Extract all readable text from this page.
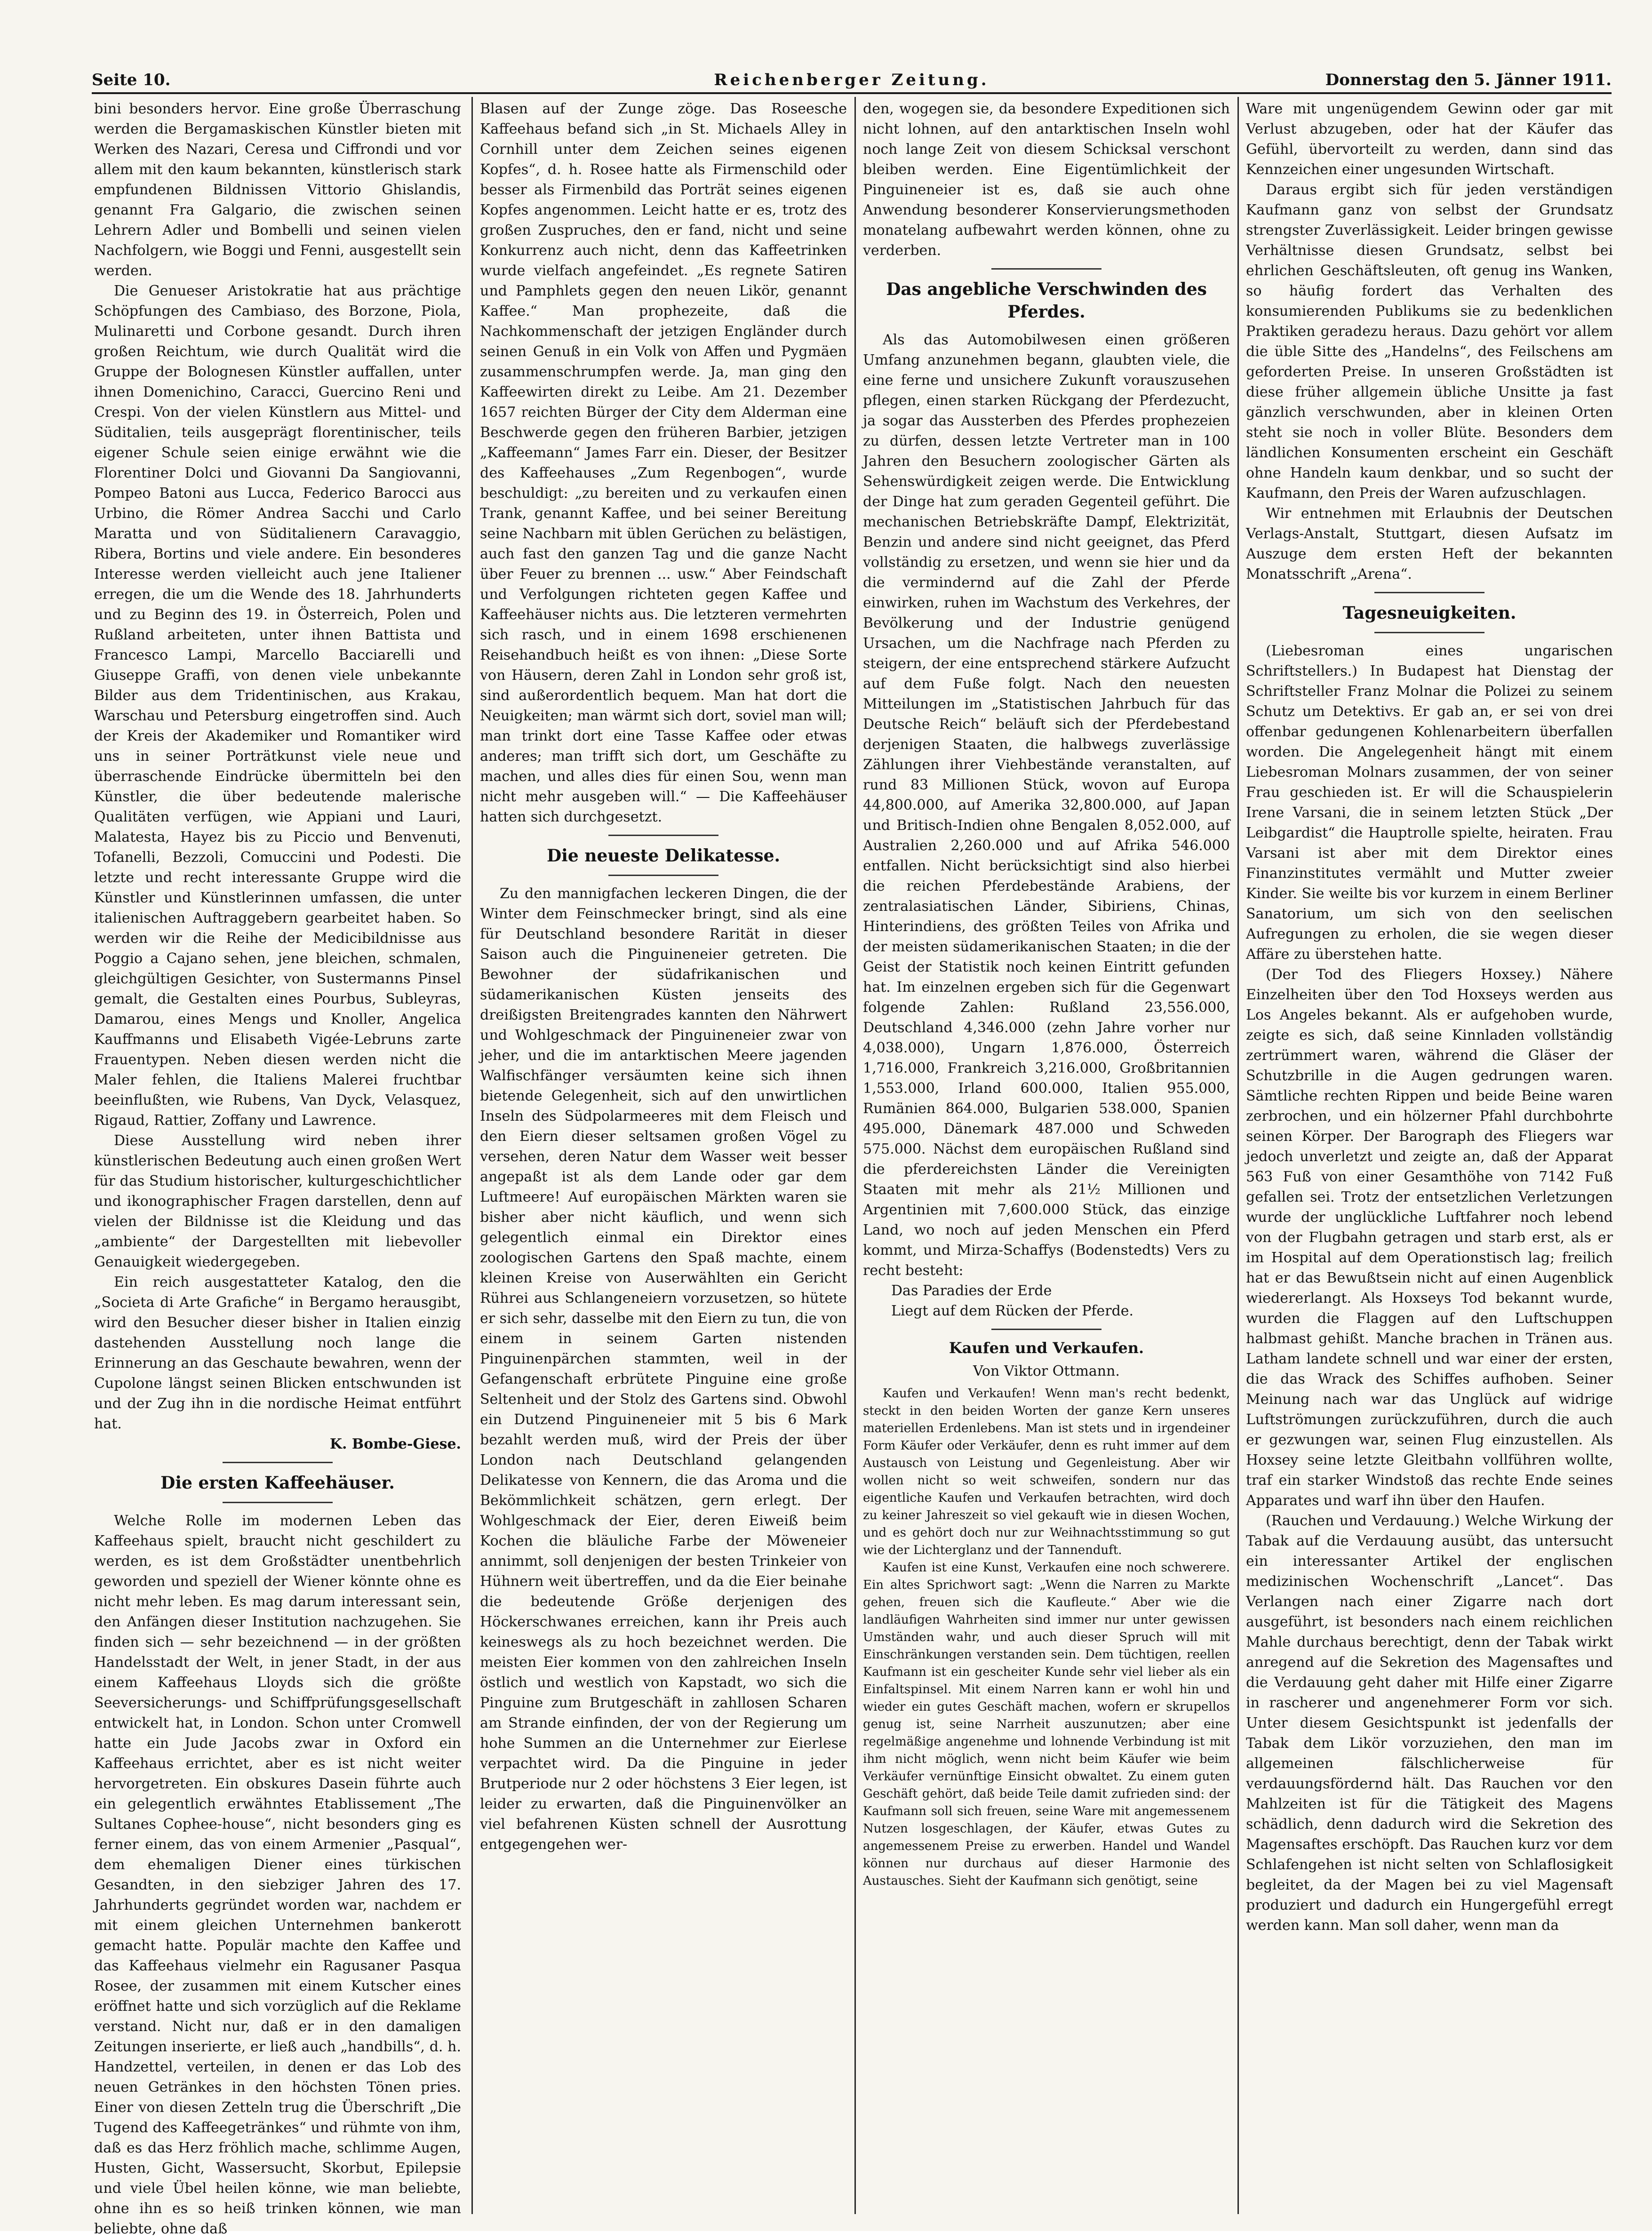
Seite 10.	Reichenberger Zeitung.	Donnerstag den 5. Jänner 1911.

bini besonders hervor. Eine große Überraschung werden die Bergamaskischen Künstler bieten mit Werken des Nazari, Ceresa und Ciffrondi und vor allem mit den kaum bekannten, künstlerisch stark empfundenen Bildnissen Vittorio Ghislandis, genannt Fra Galgario, die zwischen seinen Lehrern Adler und Bombelli und seinen vielen Nachfolgern, wie Boggi und Fenni, ausgestellt sein werden.

Die Genueser Aristokratie hat aus prächtige Schöpfungen des Cambiaso, des Borzone, Piola, Mulinaretti und Corbone gesandt. Durch ihren großen Reichtum, wie durch Qualität wird die Gruppe der Bolognesen Künstler auffallen, unter ihnen Domenichino, Caracci, Guercino Reni und Crespi. Von der vielen Künstlern aus Mittel- und Süditalien, teils ausgeprägt florentinischer, teils eigener Schule seien einige erwähnt wie die Florentiner Dolci und Giovanni Da Sangiovanni, Pompeo Batoni aus Lucca, Federico Barocci aus Urbino, die Römer Andrea Sacchi und Carlo Maratta und von Süditalienern Caravaggio, Ribera, Bortins und viele andere. Ein besonderes Interesse werden vielleicht auch jene Italiener erregen, die um die Wende des 18. Jahrhunderts und zu Beginn des 19. in Österreich, Polen und Rußland arbeiteten, unter ihnen Battista und Francesco Lampi, Marcello Bacciarelli und Giuseppe Graffi, von denen viele unbekannte Bilder aus dem Tridentinischen, aus Krakau, Warschau und Petersburg eingetroffen sind. Auch der Kreis der Akademiker und Romantiker wird uns in seiner Porträtkunst viele neue und überraschende Eindrücke übermitteln bei den Künstler, die über bedeutende malerische Qualitäten verfügen, wie Appiani und Lauri, Malatesta, Hayez bis zu Piccio und Benvenuti, Tofanelli, Bezzoli, Comuccini und Podesti. Die letzte und recht interessante Gruppe wird die Künstler und Künstlerinnen umfassen, die unter italienischen Auftraggebern gearbeitet haben. So werden wir die Reihe der Medicibildnisse aus Poggio a Cajano sehen, jene bleichen, schmalen, gleichgültigen Gesichter, von Sustermanns Pinsel gemalt, die Gestalten eines Pourbus, Subleyras, Damarou, eines Mengs und Knoller, Angelica Kauffmanns und Elisabeth Vigée-Lebruns zarte Frauentypen. Neben diesen werden nicht die Maler fehlen, die Italiens Malerei fruchtbar beeinflußten, wie Rubens, Van Dyck, Velasquez, Rigaud, Rattier, Zoffany und Lawrence.

Diese Ausstellung wird neben ihrer künstlerischen Bedeutung auch einen großen Wert für das Studium historischer, kulturgeschichtlicher und ikonographischer Fragen darstellen, denn auf vielen der Bildnisse ist die Kleidung und das „ambiente“ der Dargestellten mit liebevoller Genauigkeit wiedergegeben.

Ein reich ausgestatteter Katalog, den die „Societa di Arte Grafiche“ in Bergamo herausgibt, wird den Besucher dieser bisher in Italien einzig dastehenden Ausstellung noch lange die Erinnerung an das Geschaute bewahren, wenn der Cupolone längst seinen Blicken entschwunden ist und der Zug ihn in die nordische Heimat entführt hat.

K. Bombe-Giese.

Die ersten Kaffeehäuser.

Welche Rolle im modernen Leben das Kaffeehaus spielt, braucht nicht geschildert zu werden, es ist dem Großstädter unentbehrlich geworden und speziell der Wiener könnte ohne es nicht mehr leben. Es mag darum interessant sein, den Anfängen dieser Institution nachzugehen. Sie finden sich — sehr bezeichnend — in der größten Handelsstadt der Welt, in jener Stadt, in der aus einem Kaffeehaus Lloyds sich die größte Seeversicherungs- und Schiffprüfungsgesellschaft entwickelt hat, in London. Schon unter Cromwell hatte ein Jude Jacobs zwar in Oxford ein Kaffeehaus errichtet, aber es ist nicht weiter hervorgetreten. Ein obskures Dasein führte auch ein gelegentlich erwähntes Etablissement „The Sultanes Cophee-house“, nicht besonders ging es ferner einem, das von einem Armenier „Pasqual“, dem ehemaligen Diener eines türkischen Gesandten, in den siebziger Jahren des 17. Jahrhunderts gegründet worden war, nachdem er mit einem gleichen Unternehmen bankerott gemacht hatte. Populär machte den Kaffee und das Kaffeehaus vielmehr ein Ragusaner Pasqua Rosee, der zusammen mit einem Kutscher eines eröffnet hatte und sich vorzüglich auf die Reklame verstand. Nicht nur, daß er in den damaligen Zeitungen inserierte, er ließ auch „handbills“, d. h. Handzettel, verteilen, in denen er das Lob des neuen Getränkes in den höchsten Tönen pries. Einer von diesen Zetteln trug die Überschrift „Die Tugend des Kaffeegetränkes“ und rühmte von ihm, daß es das Herz fröhlich mache, schlimme Augen, Husten, Gicht, Wassersucht, Skorbut, Epilepsie und viele Übel heilen könne, wie man beliebte, ohne ihn es so heiß trinken können, wie man beliebte, ohne daß

Blasen auf der Zunge zöge. Das Roseesche Kaffeehaus befand sich „in St. Michaels Alley in Cornhill unter dem Zeichen seines eigenen Kopfes“, d. h. Rosee hatte als Firmenschild oder besser als Firmenbild das Porträt seines eigenen Kopfes angenommen. Leicht hatte er es, trotz des großen Zuspruches, den er fand, nicht und seine Konkurrenz auch nicht, denn das Kaffeetrinken wurde vielfach angefeindet. „Es regnete Satiren und Pamphlets gegen den neuen Likör, genannt Kaffee.“ Man prophezeite, daß die Nachkommenschaft der jetzigen Engländer durch seinen Genuß in ein Volk von Affen und Pygmäen zusammenschrumpfen werde. Ja, man ging den Kaffeewirten direkt zu Leibe. Am 21. Dezember 1657 reichten Bürger der City dem Alderman eine Beschwerde gegen den früheren Barbier, jetzigen „Kaffeemann“ James Farr ein. Dieser, der Besitzer des Kaffeehauses „Zum Regenbogen“, wurde beschuldigt: „zu bereiten und zu verkaufen einen Trank, genannt Kaffee, und bei seiner Bereitung seine Nachbarn mit üblen Gerüchen zu belästigen, auch fast den ganzen Tag und die ganze Nacht über Feuer zu brennen ... usw.“ Aber Feindschaft und Verfolgungen richteten gegen Kaffee und Kaffeehäuser nichts aus. Die letzteren vermehrten sich rasch, und in einem 1698 erschienenen Reisehandbuch heißt es von ihnen: „Diese Sorte von Häusern, deren Zahl in London sehr groß ist, sind außerordentlich bequem. Man hat dort die Neuigkeiten; man wärmt sich dort, soviel man will; man trinkt dort eine Tasse Kaffee oder etwas anderes; man trifft sich dort, um Geschäfte zu machen, und alles dies für einen Sou, wenn man nicht mehr ausgeben will.“ — Die Kaffeehäuser hatten sich durchgesetzt.

Die neueste Delikatesse.

Zu den mannigfachen leckeren Dingen, die der Winter dem Feinschmecker bringt, sind als eine für Deutschland besondere Rarität in dieser Saison auch die Pinguineneier getreten. Die Bewohner der südafrikanischen und südamerikanischen Küsten jenseits des dreißigsten Breitengrades kannten den Nährwert und Wohlgeschmack der Pinguineneier zwar von jeher, und die im antarktischen Meere jagenden Walfischfänger versäumten keine sich ihnen bietende Gelegenheit, sich auf den unwirtlichen Inseln des Südpolarmeeres mit dem Fleisch und den Eiern dieser seltsamen großen Vögel zu versehen, deren Natur dem Wasser weit besser angepaßt ist als dem Lande oder gar dem Luftmeere! Auf europäischen Märkten waren sie bisher aber nicht käuflich, und wenn sich gelegentlich einmal ein Direktor eines zoologischen Gartens den Spaß machte, einem kleinen Kreise von Auserwählten ein Gericht Rührei aus Schlangeneiern vorzusetzen, so hütete er sich sehr, dasselbe mit den Eiern zu tun, die von einem in seinem Garten nistenden Pinguinenpärchen stammten, weil in der Gefangenschaft erbrütete Pinguine eine große Seltenheit und der Stolz des Gartens sind. Obwohl ein Dutzend Pinguineneier mit 5 bis 6 Mark bezahlt werden muß, wird der Preis der über London nach Deutschland gelangenden Delikatesse von Kennern, die das Aroma und die Bekömmlichkeit schätzen, gern erlegt. Der Wohlgeschmack der Eier, deren Eiweiß beim Kochen die bläuliche Farbe der Möweneier annimmt, soll denjenigen der besten Trinkeier von Hühnern weit übertreffen, und da die Eier beinahe die bedeutende Größe derjenigen des Höckerschwanes erreichen, kann ihr Preis auch keineswegs als zu hoch bezeichnet werden. Die meisten Eier kommen von den zahlreichen Inseln östlich und westlich von Kapstadt, wo sich die Pinguine zum Brutgeschäft in zahllosen Scharen am Strande einfinden, der von der Regierung um hohe Summen an die Unternehmer zur Eierlese verpachtet wird. Da die Pinguine in jeder Brutperiode nur 2 oder höchstens 3 Eier legen, ist leider zu erwarten, daß die Pinguinenvölker an viel befahrenen Küsten schnell der Ausrottung entgegengehen wer-

den, wogegen sie, da besondere Expeditionen sich nicht lohnen, auf den antarktischen Inseln wohl noch lange Zeit von diesem Schicksal verschont bleiben werden. Eine Eigentümlichkeit der Pinguineneier ist es, daß sie auch ohne Anwendung besonderer Konservierungsmethoden monatelang aufbewahrt werden können, ohne zu verderben.

Das angebliche Verschwinden des Pferdes.

Als das Automobilwesen einen größeren Umfang anzunehmen begann, glaubten viele, die eine ferne und unsichere Zukunft vorauszusehen pflegen, einen starken Rückgang der Pferdezucht, ja sogar das Aussterben des Pferdes prophezeien zu dürfen, dessen letzte Vertreter man in 100 Jahren den Besuchern zoologischer Gärten als Sehenswürdigkeit zeigen werde. Die Entwicklung der Dinge hat zum geraden Gegenteil geführt. Die mechanischen Betriebskräfte Dampf, Elektrizität, Benzin und andere sind nicht geeignet, das Pferd vollständig zu ersetzen, und wenn sie hier und da die vermindernd auf die Zahl der Pferde einwirken, ruhen im Wachstum des Verkehres, der Bevölkerung und der Industrie genügend Ursachen, um die Nachfrage nach Pferden zu steigern, der eine entsprechend stärkere Aufzucht auf dem Fuße folgt. Nach den neuesten Mitteilungen im „Statistischen Jahrbuch für das Deutsche Reich“ beläuft sich der Pferdebestand derjenigen Staaten, die halbwegs zuverlässige Zählungen ihrer Viehbestände veranstalten, auf rund 83 Millionen Stück, wovon auf Europa 44,800.000, auf Amerika 32,800.000, auf Japan und Britisch-Indien ohne Bengalen 8,052.000, auf Australien 2,260.000 und auf Afrika 546.000 entfallen. Nicht berücksichtigt sind also hierbei die reichen Pferdebestände Arabiens, der zentralasiatischen Länder, Sibiriens, Chinas, Hinterindiens, des größten Teiles von Afrika und der meisten südamerikanischen Staaten; in die der Geist der Statistik noch keinen Eintritt gefunden hat. Im einzelnen ergeben sich für die Gegenwart folgende Zahlen: Rußland 23,556.000, Deutschland 4,346.000 (zehn Jahre vorher nur 4,038.000), Ungarn 1,876.000, Österreich 1,716.000, Frankreich 3,216.000, Großbritannien 1,553.000, Irland 600.000, Italien 955.000, Rumänien 864.000, Bulgarien 538.000, Spanien 495.000, Dänemark 487.000 und Schweden 575.000. Nächst dem europäischen Rußland sind die pferdereichsten Länder die Vereinigten Staaten mit mehr als 21½ Millionen und Argentinien mit 7,600.000 Stück, das einzige Land, wo noch auf jeden Menschen ein Pferd kommt, und Mirza-Schaffys (Bodenstedts) Vers zu recht besteht:

Das Paradies der Erde

Liegt auf dem Rücken der Pferde.

Kaufen und Verkaufen.

Von Viktor Ottmann.

Kaufen und Verkaufen! Wenn man's recht bedenkt, steckt in den beiden Worten der ganze Kern unseres materiellen Erdenlebens. Man ist stets und in irgendeiner Form Käufer oder Verkäufer, denn es ruht immer auf dem Austausch von Leistung und Gegenleistung. Aber wir wollen nicht so weit schweifen, sondern nur das eigentliche Kaufen und Verkaufen betrachten, wird doch zu keiner Jahreszeit so viel gekauft wie in diesen Wochen, und es gehört doch nur zur Weihnachtsstimmung so gut wie der Lichterglanz und der Tannenduft.

Kaufen ist eine Kunst, Verkaufen eine noch schwerere. Ein altes Sprichwort sagt: „Wenn die Narren zu Markte gehen, freuen sich die Kaufleute.“ Aber wie die landläufigen Wahrheiten sind immer nur unter gewissen Umständen wahr, und auch dieser Spruch will mit Einschränkungen verstanden sein. Dem tüchtigen, reellen Kaufmann ist ein gescheiter Kunde sehr viel lieber als ein Einfaltspinsel. Mit einem Narren kann er wohl hin und wieder ein gutes Geschäft machen, wofern er skrupellos genug ist, seine Narrheit auszunutzen; aber eine regelmäßige angenehme und lohnende Verbindung ist mit ihm nicht möglich, wenn nicht beim Käufer wie beim Verkäufer vernünftige Einsicht obwaltet. Zu einem guten Geschäft gehört, daß beide Teile damit zufrieden sind: der Kaufmann soll sich freuen, seine Ware mit angemessenem Nutzen losgeschlagen, der Käufer, etwas Gutes zu angemessenem Preise zu erwerben. Handel und Wandel können nur durchaus auf dieser Harmonie des Austausches. Sieht der Kaufmann sich genötigt, seine

Ware mit ungenügendem Gewinn oder gar mit Verlust abzugeben, oder hat der Käufer das Gefühl, übervorteilt zu werden, dann sind das Kennzeichen einer ungesunden Wirtschaft.

Daraus ergibt sich für jeden verständigen Kaufmann ganz von selbst der Grundsatz strengster Zuverlässigkeit. Leider bringen gewisse Verhältnisse diesen Grundsatz, selbst bei ehrlichen Geschäftsleuten, oft genug ins Wanken, so häufig fordert das Verhalten des konsumierenden Publikums sie zu bedenklichen Praktiken geradezu heraus. Dazu gehört vor allem die üble Sitte des „Handelns“, des Feilschens am geforderten Preise. In unseren Großstädten ist diese früher allgemein übliche Unsitte ja fast gänzlich verschwunden, aber in kleinen Orten steht sie noch in voller Blüte. Besonders dem ländlichen Konsumenten erscheint ein Geschäft ohne Handeln kaum denkbar, und so sucht der Kaufmann, den Preis der Waren aufzuschlagen.

Wir entnehmen mit Erlaubnis der Deutschen Verlags-Anstalt, Stuttgart, diesen Aufsatz im Auszuge dem ersten Heft der bekannten Monatsschrift „Arena“.

Tagesneuigkeiten.

(Liebesroman eines ungarischen Schriftstellers.) In Budapest hat Dienstag der Schriftsteller Franz Molnar die Polizei zu seinem Schutz um Detektivs. Er gab an, er sei von drei offenbar gedungenen Kohlenarbeitern überfallen worden. Die Angelegenheit hängt mit einem Liebesroman Molnars zusammen, der von seiner Frau geschieden ist. Er will die Schauspielerin Irene Varsani, die in seinem letzten Stück „Der Leibgardist“ die Hauptrolle spielte, heiraten. Frau Varsani ist aber mit dem Direktor eines Finanzinstitutes vermählt und Mutter zweier Kinder. Sie weilte bis vor kurzem in einem Berliner Sanatorium, um sich von den seelischen Aufregungen zu erholen, die sie wegen dieser Affäre zu überstehen hatte.

(Der Tod des Fliegers Hoxsey.) Nähere Einzelheiten über den Tod Hoxseys werden aus Los Angeles bekannt. Als er aufgehoben wurde, zeigte es sich, daß seine Kinnladen vollständig zertrümmert waren, während die Gläser der Schutzbrille in die Augen gedrungen waren. Sämtliche rechten Rippen und beide Beine waren zerbrochen, und ein hölzerner Pfahl durchbohrte seinen Körper. Der Barograph des Fliegers war jedoch unverletzt und zeigte an, daß der Apparat 563 Fuß von einer Gesamthöhe von 7142 Fuß gefallen sei. Trotz der entsetzlichen Verletzungen wurde der unglückliche Luftfahrer noch lebend von der Flugbahn getragen und starb erst, als er im Hospital auf dem Operationstisch lag; freilich hat er das Bewußtsein nicht auf einen Augenblick wiedererlangt. Als Hoxseys Tod bekannt wurde, wurden die Flaggen auf den Luftschuppen halbmast gehißt. Manche brachen in Tränen aus. Latham landete schnell und war einer der ersten, die das Wrack des Schiffes aufhoben. Seiner Meinung nach war das Unglück auf widrige Luftströmungen zurückzuführen, durch die auch er gezwungen war, seinen Flug einzustellen. Als Hoxsey seine letzte Gleitbahn vollführen wollte, traf ein starker Windstoß das rechte Ende seines Apparates und warf ihn über den Haufen.

(Rauchen und Verdauung.) Welche Wirkung der Tabak auf die Verdauung ausübt, das untersucht ein interessanter Artikel der englischen medizinischen Wochenschrift „Lancet“. Das Verlangen nach einer Zigarre nach dort ausgeführt, ist besonders nach einem reichlichen Mahle durchaus berechtigt, denn der Tabak wirkt anregend auf die Sekretion des Magensaftes und die Verdauung geht daher mit Hilfe einer Zigarre in rascherer und angenehmerer Form vor sich. Unter diesem Gesichtspunkt ist jedenfalls der Tabak dem Likör vorzuziehen, den man im allgemeinen fälschlicherweise für verdauungsfördernd hält. Das Rauchen vor den Mahlzeiten ist für die Tätigkeit des Magens schädlich, denn dadurch wird die Sekretion des Magensaftes erschöpft. Das Rauchen kurz vor dem Schlafengehen ist nicht selten von Schlaflosigkeit begleitet, da der Magen bei zu viel Magensaft produziert und dadurch ein Hungergefühl erregt werden kann. Man soll daher, wenn man da
